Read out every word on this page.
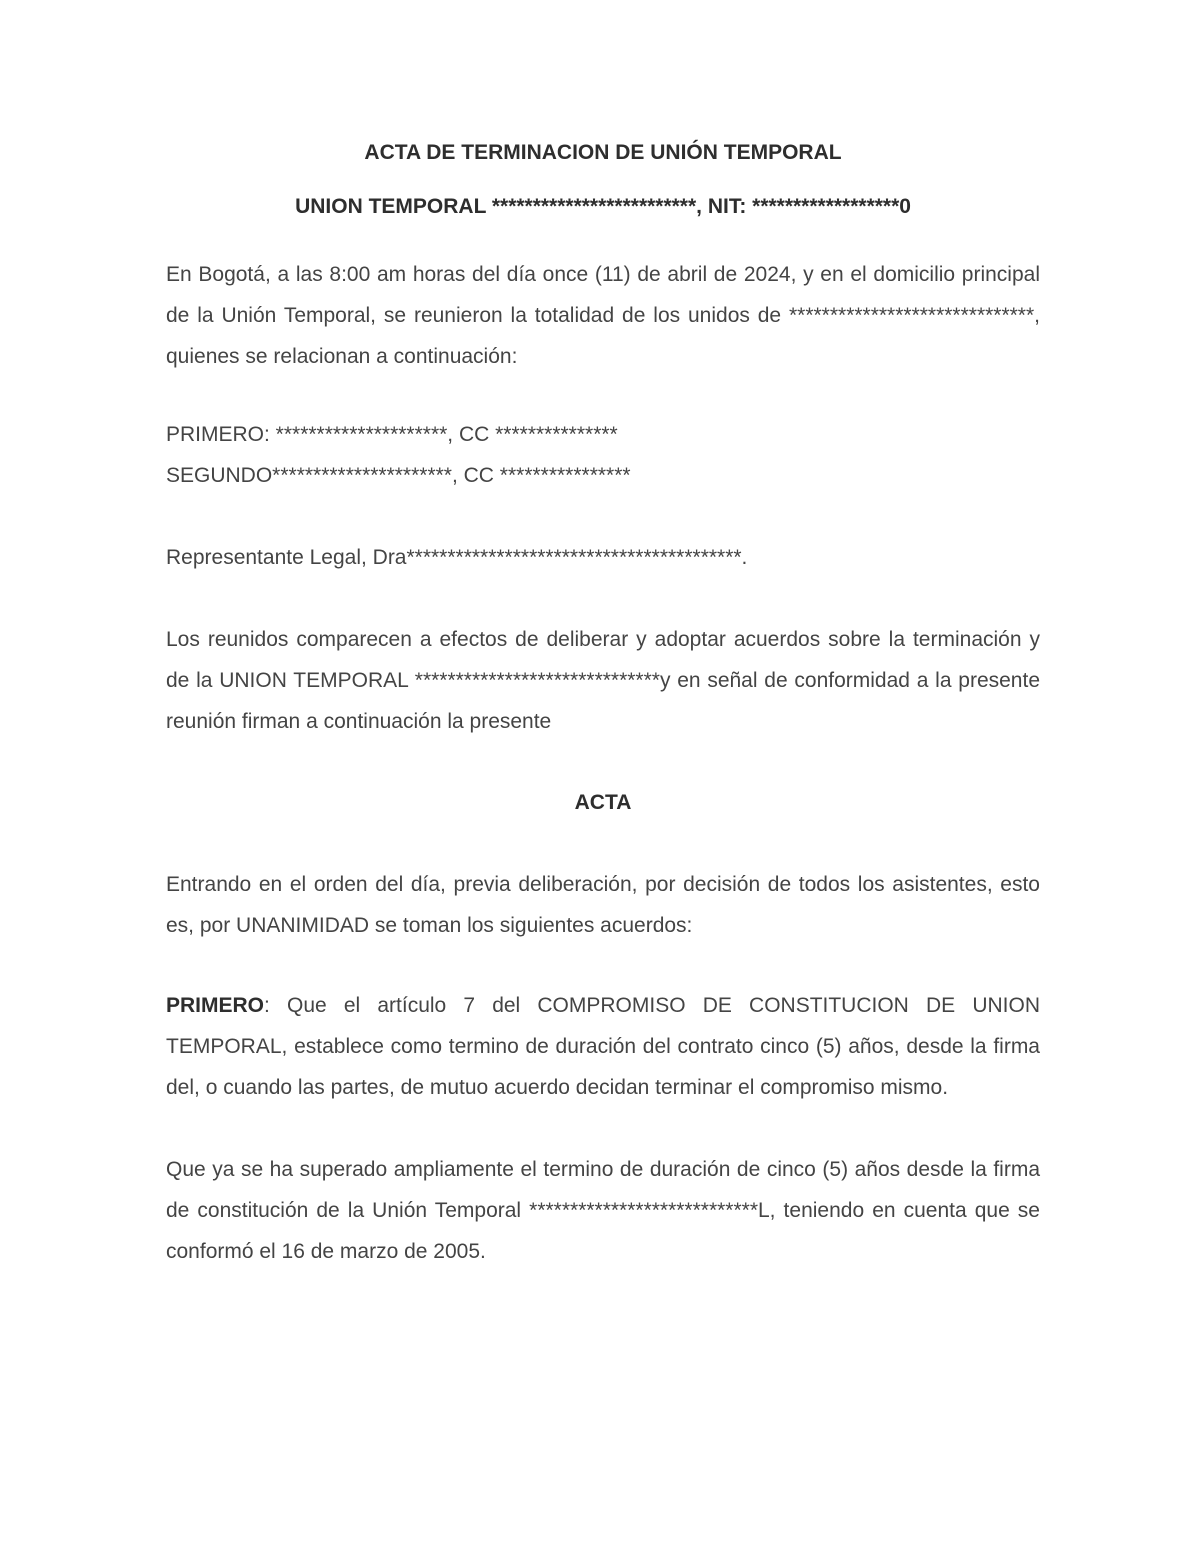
ACTA DE TERMINACION DE UNIÓN TEMPORAL

UNION TEMPORAL *************************, NIT: ******************0

En Bogotá, a las 8:00 am horas del día once (11) de abril de 2024, y en el domicilio principal de la Unión Temporal, se reunieron la totalidad de los unidos de ******************************, quienes se relacionan a continuación:

PRIMERO: *********************, CC ***************
SEGUNDO**********************, CC ****************
Representante Legal, Dra*****************************************.

Los reunidos comparecen a efectos de deliberar y adoptar acuerdos sobre la terminación y de la UNION TEMPORAL ******************************y en señal de conformidad a la presente reunión firman a continuación la presente

ACTA

Entrando en el orden del día, previa deliberación, por decisión de todos los asistentes, esto es, por UNANIMIDAD se toman los siguientes acuerdos:

PRIMERO: Que el artículo 7 del COMPROMISO DE CONSTITUCION DE UNION TEMPORAL, establece como termino de duración del contrato cinco (5) años, desde la firma del, o cuando las partes, de mutuo acuerdo decidan terminar el compromiso mismo.

Que ya se ha superado ampliamente el termino de duración de cinco (5) años desde la firma de constitución de la Unión Temporal ****************************L, teniendo en cuenta que se conformó el 16 de marzo de 2005.
